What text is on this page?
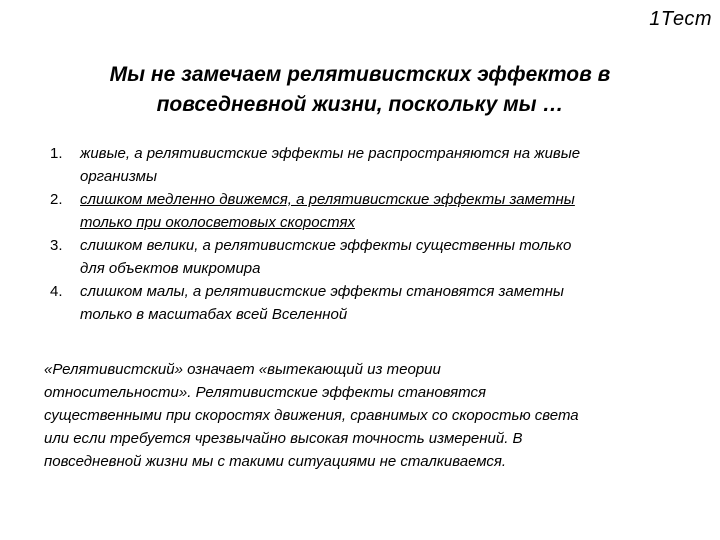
1Тест
Мы не замечаем релятивистских эффектов в
повседневной жизни, поскольку мы …
1.	живые, а релятивистские эффекты не распространяются на живые
организмы
2.	слишком медленно движемся, а релятивистские эффекты заметны
только при околосветовых скоростях
3.	слишком велики, а релятивистские эффекты существенны только
для объектов микромира
4.	слишком малы, а релятивистские эффекты становятся заметны
только в масштабах всей Вселенной

«Релятивистский» означает «вытекающий из теории
относительности». Релятивистские эффекты становятся
существенными при скоростях движения, сравнимых со скоростью света
или если требуется чрезвычайно высокая точность измерений. В
повседневной жизни мы с такими ситуациями не сталкиваемся.
